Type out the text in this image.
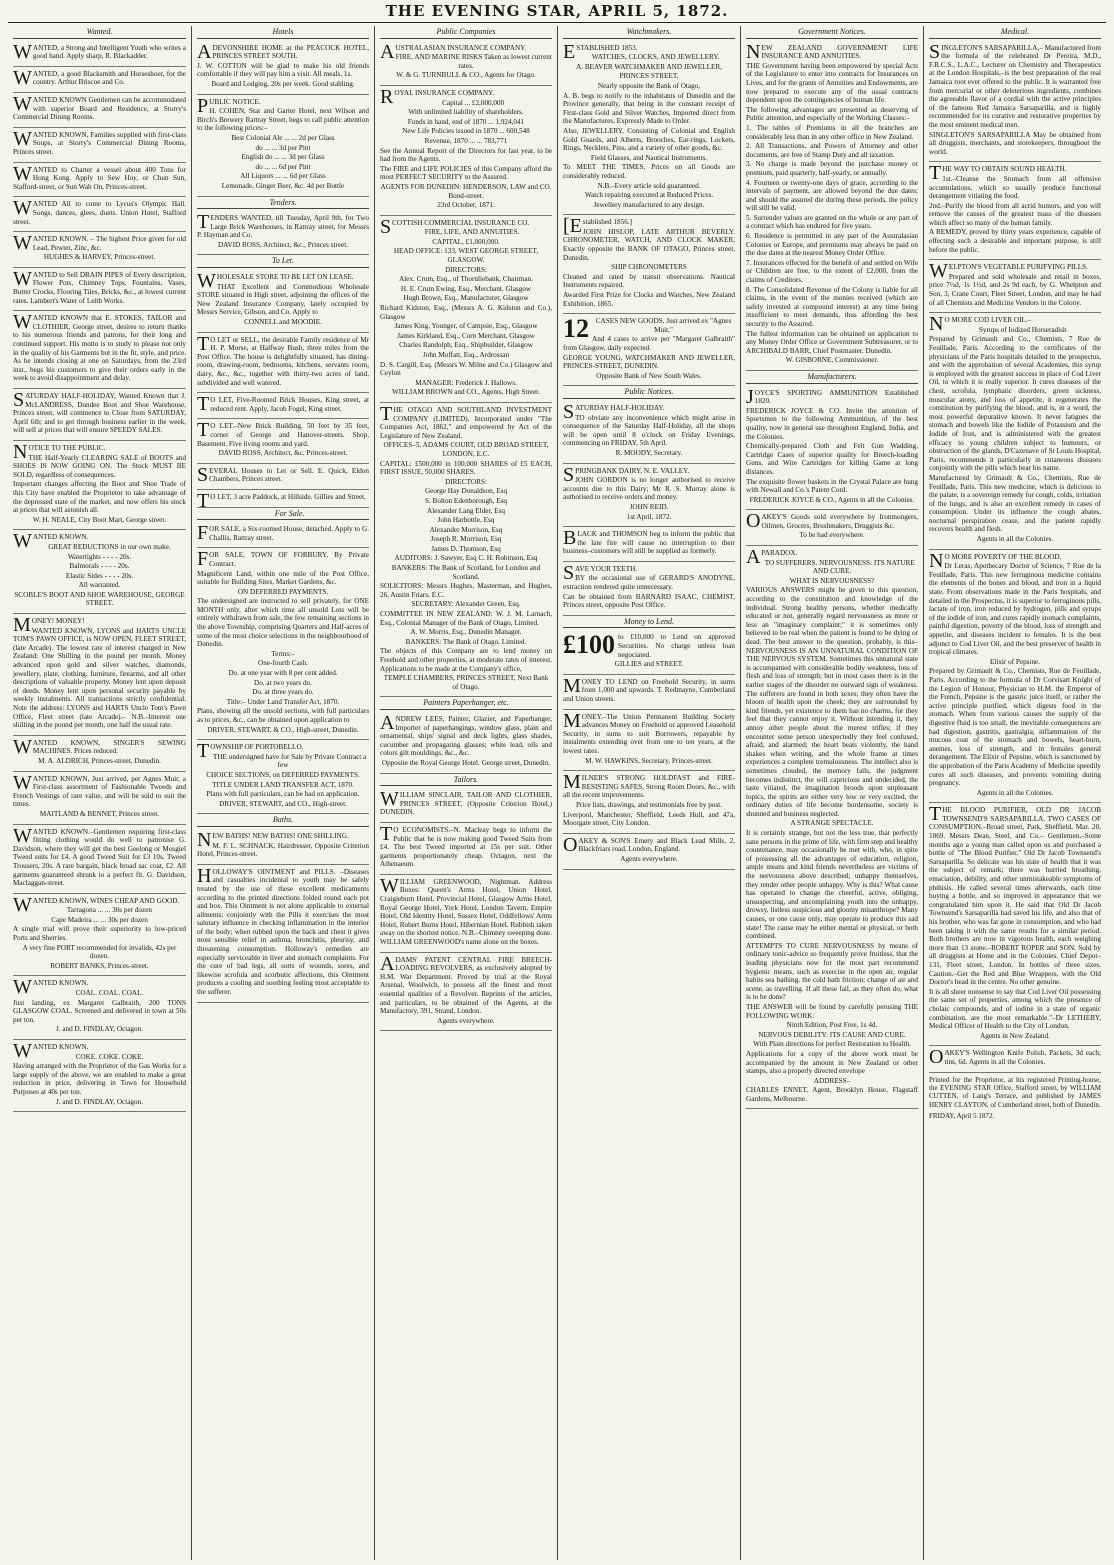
THE EVENING STAR, APRIL 5, 1872.
Wanted.

WANTED, a Strong and Intelligent Youth who writes a good hand. Apply sharp, R. Blackadder.

WANTED, a good Blacksmith and Horseshoer, for the country. Arthur Briscoe and Co.

WANTED KNOWN Gentlemen can be accommodated with superior Board and Residence, at Storry's Commercial Dining Rooms.

WANTED KNOWN, Families supplied with first-class Soups, at Storry's Commercial Dining Rooms, Princes street.

WANTED to Charter a vessel about 400 Tons for Hong Kong. Apply to Sew Hoy, or Chun Sun, Stafford-street, or Sun Wah On, Princes-street.

WANTED All to come to Lycus's Olympic Hall. Songs, dances, glees, duets. Union Hotel, Stafford street.

WANTED KNOWN. – The highest Price given for old Lead, Pewter, Zinc, &c.

HUGHES & HARVEY, Princes-street.

WANTED to Sell DRAIN PIPES of Every description, Flower Pots, Chimney Tops, Fountains, Vases, Butter Crocks, Flooring Tiles, Bricks, &c., at lowest current rates. Lambert's Water of Leith Works.

WANTED KNOWN that E. STOKES, TAILOR and CLOTHIER, George street, desires to return thanks to his numerous friends and patrons, for their long and continued support. His motto is to study to please not only in the quality of his Garments but in the fit, style, and price. As he intends closing at one on Saturdays, from the 23rd inst., begs his customers to give their orders early in the week to avoid disappointment and delay.

SATURDAY HALF-HOLIDAY, Wanted Known that J. McLANDRESS, Dundee Boot and Shoe Warehouse, Princes street, will commence to Close from SATURDAY, April 6th; and to get through business earlier in the week, will sell at prices that will ensure SPEEDY SALES.

NOTICE TO THE PUBLIC.

THE Half-Yearly CLEARING SALE of BOOTS and SHOES IS NOW GOING ON. The Stock MUST BE SOLD, regardless of consequences.

Important changes affecting the Boot and Shoe Trade of this City have enabled the Proprietor to take advantage of the depressed state of the market, and now offers his stock at prices that will astonish all.

W. H. NEALE, City Boot Mart, George street.

WANTED KNOWN.

GREAT REDUCTIONS in our own make.

Watertights - - - - 20s.

Balmorals - - - - 20s.

Elastic Sides - - - - 20s.

All warranted.

SCOBLE'S BOOT AND SHOE WAREHOUSE, GEORGE STREET.

MONEY! MONEY!

WANTED KNOWN, LYONS and HARTS UNCLE TOM'S PAWN OFFICE, is NOW OPEN, FLEET STREET, (late Arcade). The lowest rate of interest charged in New Zealand: One Shilling in the pound per month. Money advanced upon gold and silver watches, diamonds, jewellery, plate, clothing, furniture, firearms, and all other descriptions of valuable property. Money lent upon deposit of deeds. Money lent upon personal security payable by weekly instalments. All transactions strictly confidential. Note the address: LYONS and HARTS Uncle Tom's Pawn Office, Fleet street (late Arcade).– N.B.–Interest one shilling in the pound per month, one half the usual rate.

WANTED KNOWN, SINGER'S SEWING MACHINES. Prices reduced.

M. A. ALDRICH, Princes-street, Dunedin.

WANTED KNOWN, Just arrived, per Agnes Muir, a First-class assortment of Fashionable Tweeds and French Vestings of rare value, and will be sold to suit the times.

MAITLAND & BENNET, Princes street.

WANTED KNOWN.–Gentlemen requiring first-class fitting clothing would do well to patronise G. Davidson, where they will get the best Geelong or Mosgiel Tweed suits for £4. A good Tweed Suit for £3 10s. Tweed Trousers, 20s. A rare bargain, black broad sac coat, £2. All garments guaranteed shrunk to a perfect fit. G. Davidson, Maclaggan-street.

WANTED KNOWN, WINES CHEAP AND GOOD.

Tarragona ... ... 30s per dozen

Cape Madeira ... ... 30s per dozen

A single trial will prove their superiority to low-priced Ports and Sherries.

A very fine PORT recommended for invalids, 42s per dozen.

ROBERT BANKS, Princes-street.

WANTED KNOWN.

COAL. COAL. COAL.

Just landing, ex Margaret Galbraith, 200 TONS GLASGOW COAL. Screened and delivered in town at 50s per ton.

J. and D. FINDLAY, Octagon.

WANTED KNOWN.

COKE. COKE. COKE.

Having arranged with the Proprietor of the Gas Works for a large supply of the above, we are enabled to make a great reduction in price, delivering in Town for Household Purposes at 40s per ton.

J. and D. FINDLAY, Octagon.

Hotels

ADEVONSHIRE HOME at the PEACOCK HOTEL, PRINCES STREET SOUTH.

J. W. COTTON will be glad to make his old friends comfortable if they will pay him a visit. All meals, 1s.

Board and Lodging, 20s per week. Good stabling.

PUBLIC NOTICE.

H. COHEN, Star and Garter Hotel, next Wilson and Birch's Brewery Rattray Street, begs to call public attention to the following prices:–

Best Colonial Ale ... ... 2d per Glass

do ... ... 3d per Pint

English do ... ... 3d per Glass

do ... ... 6d per Pint

All Liquors ... ... 6d per Glass

Lemonade, Ginger Beer, &c. 4d per Bottle

Tenders.

TENDERS WANTED, till Tuesday, April 9th, for Two Large Brick Warehouses, in Rattray street, for Messrs P. Hayman and Co.

DAVID ROSS, Architect, &c., Princes street.

To Let.

WHOLESALE STORE TO BE LET ON LEASE.

THAT Excellent and Commodious Wholesale STORE situated in High street, adjoining the offices of the New Zealand Insurance Company, lately occupied by Messrs Service, Gibson, and Co. Apply to

CONNELL and MOODIE.

TO LET or SELL, the desirable Family residence of Mr H. P. Morse, at Halfway Bush, three miles from the Post Office. The house is delightfully situated, has dining-room, drawing-room, bedrooms, kitchens, servants room, dairy, &c., &c., together with thirty-two acres of land, subdivided and well watered.

TO LET, Five-Roomed Brick Houses, King street, at reduced rent. Apply, Jacob Fogel, King street.

TO LET.–New Brick Building, 50 feet by 35 feet, corner of George and Hanover-streets. Shop, Basement. Five living rooms and yard.

DAVID ROSS, Architect, &c. Princes-street.

SEVERAL Houses to Let or Sell. E. Quick, Eldon Chambers, Princes street.

TO LET, 3 acre Paddock, at Hillside. Gillies and Street.

For Sale.

FOR SALE, a Six-roomed House, detached. Apply to G. Challis, Rattray street.

FOR SALE, TOWN OF FORBURY, By Private Contract.

Magnificent Land, within one mile of the Post Office, suitable for Building Sites, Market Gardens, &c.

ON DEFERRED PAYMENTS.

The undersigned are instructed to sell privately, for ONE MONTH only, after which time all unsold Lots will be entirely withdrawn from sale, the few remaining sections in the above Township, comprising Quarters and Half-acres of some of the most choice selections in the neighbourhood of Dunedin.

Terms:–

One-fourth Cash.

Do. at one year with 8 per cent added.

Do. at two years do.

Do. at three years do.

Title:– Under Land Transfer Act, 1870.

Plans, showing all the unsold sections, with full particulars as to prices, &c., can be obtained upon application to

DRIVER, STEWART, & CO., High-street, Dunedin.

TOWNSHIP OF PORTOBELLO.

THE undersigned have for Sale by Private Contract a few

CHOICE SECTIONS, on DEFERRED PAYMENTS.

TITLE UNDER LAND TRANSFER ACT, 1870.

Plans with full particulars, can be had on application.

DRIVER, STEWART, and CO., High-street.

Baths.

NEW BATHS! NEW BATHS! ONE SHILLING.

M. F. L. SCHNACK, Hairdresser, Opposite Criterion Hotel, Princes-street.

HOLLOWAY'S OINTMENT and PILLS. –Diseases and casualties incidental to youth may be safely treated by the use of these excellent medicaments according to the printed directions folded round each pot and box. This Ointment is not alone applicable to external ailments; conjointly with the Pills it exercises the most salutary influence in checking inflammation in the interior of the body; when rubbed upon the back and chest it gives most sensible relief in asthma, bronchitis, pleurisy, and threatening consumption. Holloway's remedies are especially serviceable in liver and stomach complaints. For the cure of bad legs, all sorts of wounds, sores, and likewise scrofula and scorbutic affections, this Ointment produces a cooling and soothing feeling most acceptable to the sufferer.

Public Companies

AUSTRALASIAN INSURANCE COMPANY.

FIRE, AND MARINE RISKS Taken as lowest current rates.

W. & G. TURNBULL & CO., Agents for Otago.

ROYAL INSURANCE COMPANY.

Capital ... £2,000,000

With unlimited liability of shareholders.

Funds in hand, end of 1870 ... 1,924,041

New Life Policies issued in 1870 ... 600,548

Revenue, 1870 ... ... 783,771

See the Annual Report of the Directors for last year, to be had from the Agents.

The FIRE and LIFE POLICIES of this Company afford the most PERFECT SECURITY to the Assured.

AGENTS FOR DUNEDIN: HENDERSON, LAW and CO. Bond-street.

23rd October, 1871.

SCOTTISH COMMERCIAL INSURANCE CO.

FIRE, LIFE, AND ANNUITIES.

CAPITAL, £1,000,000.

HEAD OFFICE: 133, WEST GEORGE STREET, GLASGOW.

DIRECTORS:

Alex. Crum, Esq., of Thornliebank, Chairman.

H. E. Crum Ewing, Esq., Merchant, Glasgow

Hugh Brown, Esq., Manufacturer, Glasgow

Richard Kidston, Esq., (Messrs A. G. Kidston and Co.), Glasgow

James King, Younger, of Campsie, Esq., Glasgow

James Kirkland, Esq., Corn Merchant, Glasgow

Charles Randolph, Esq., Shipbuilder, Glasgow

John Moffatt, Esq., Ardrossan

D. S. Cargill, Esq. (Messrs W. Milne and Co.) Glasgow and Ceylon

MANAGER: Frederick J. Hallows.

WILLIAM BROWN and CO., Agents, High Street.

THE OTAGO AND SOUTHLAND INVESTMENT COMPANY (LIMITED). Incorporated under "The Companies Act, 1862," and empowered by Act of the Legislature of New Zealand.

OFFICES–5, ADAMS COURT, OLD BROAD STREET, LONDON, E.C.

CAPITAL: £500,000 in 100,000 SHARES of £5 EACH, FIRST ISSUE, 50,000 SHARES.

DIRECTORS:

George Hay Donaldson, Esq

S. Bolton Edenborough, Esq

Alexander Lang Elder, Esq

John Harbottle, Esq

Alexander Morrison, Esq

Joseph R. Morrison, Esq

James D. Thomson, Esq

AUDITORS: J. Sawyer, Esq C. H. Robinson, Esq

BANKERS: The Bank of Scotland, for London and Scotland.

SOLICITORS: Messrs Hughes, Masterman, and Hughes, 26, Austin Friars, E.C.

SECRETARY: Alexander Green, Esq.

COMMITTEE IN NEW ZEALAND: W. J. M. Larnach, Esq., Colonial Manager of the Bank of Otago, Limited.

A. W. Morris, Esq., Dunedin Manager.

BANKERS: The Bank of Otago, Limited.

The objects of this Company are to lend money on Freehold and other properties, at moderate rates of interest. Applications to be made at the Company's office,

TEMPLE CHAMBERS, PRINCES STREET, Next Bank of Otago.

Painters Paperhanger, etc.

ANDREW LEES, Painter, Glazier, and Paperhanger, Importer of paperhangings, window glass, plain and ornamental, ships' signal and deck lights, glass shades, cucumber and propagating glasses; white lead, oils and colors gilt mouldings, &c., &c.

Opposite the Royal George Hotel. George street, Dunedin.

Tailors.

WILLIAM SINCLAIR, TAILOR AND CLOTHIER, PRINCES STREET, (Opposite Criterion Hotel,) DUNEDIN.

TO ECONOMISTS.–N. Macleay begs to inform the Public that he is now making good Tweed Suits from £4. The best Tweed imported at 15s per suit. Other garments proportionately cheap. Octagon, next the Athenaeum.

WILLIAM GREENWOOD, Nightman. Address Boxes: Queen's Arms Hotel, Union Hotel, Craigieburn Hotel, Provincial Hotel, Glasgow Arms Hotel, Royal George Hotel, York Hotel, London Tavern, Empire Hotel, Old Identity Hotel, Sussex Hotel, Oddfellows' Arms Hotel, Robert Burns Hotel, Hibernian Hotel. Rubbish taken away on the shortest notice. N.B.–Chimney sweeping done. WILLIAM GREENWOOD's name alone on the boxes.

ADAMS' PATENT CENTRAL FIRE BREECH-LOADING REVOLVERS, as exclusively adopted by H.M. War Department. Proved by trial at the Royal Arsenal, Woolwich, to possess all the finest and most essential qualities of a Revolver. Reprints of the articles, and particulars, to be obtained of the Agents, at the Manufactory, 391, Strand, London.

Agents everywhere.

Watchmakers.

ESTABLISHED 1853.

WATCHES, CLOCKS, AND JEWELLERY.

A. BEAVER WATCHMAKER AND JEWELLER,

PRINCES STREET,

Nearly opposite the Bank of Otago,

A. B. begs to notify to the inhabitants of Dunedin and the Province generally, that being in the constant receipt of First-class Gold and Silver Watches, Imported direct from the Manufactures, Expressly Made to Order.

Also, JEWELLERY, Consisting of Colonial and English Gold Guards, and Alberts, Brooches, Ear-rings, Lockets, Rings, Necklets, Pins, and a variety of other goods, &c.

Field Glasses, and Nautical Instruments.

To MEET THE TIMES, Prices on all Goods are considerably reduced.

N.B.–Every article sold guaranteed.

Watch repairing executed at Reduced Prices.

Jewellery manufactured to any design.

[Established 1856.]

JOHN HISLOP, LATE ARTHUR BEVERLY. CHRONOMETER, WATCH, AND CLOCK MAKER, Exactly opposite the BANK OF OTAGO, Princes street, Dunedin.

SHIP CHRONOMETERS

Cleaned and rated by transit observations. Nautical Instruments repaired.

Awarded First Prize for Clocks and Watches, New Zealand Exhibition, 1865.

12 CASES NEW GOODS, Just arrived ex "Agnes Muir,"

And 4 cases to arrive per "Margaret Galbraith" from Glasgow, daily expected.

GEORGE YOUNG, WATCHMAKER AND JEWELLER, PRINCES-STREET, DUNEDIN.

Opposite Bank of New South Wales.

Public Notices.

SATURDAY HALF-HOLIDAY.

TO obviate any inconvenience which might arise in consequence of the Saturday Half-Holiday, all the shops will be open until 8 o'clock on Friday Evenings, commencing on FRIDAY, 5th April.

R. MOODY, Secretary.

SPRINGBANK DAIRY, N. E. VALLEY.

JOHN GORDON is no longer authorised to receive accounts due to this Dairy; Mr R. S. Murray alone is authorised to receive orders and money.

JOHN REID.

1st April, 1872.

BLACK and THOMSON beg to inform the public that the late fire will cause no interruption to their business–customers will still be supplied as formerly.

SAVE YOUR TEETH.

BY the occasional use of GERARD'S ANODYNE, extraction rendered quite unnecessary.

Can be obtained from BARNARD ISAAC, CHEMIST, Princes street, opposite Post Office.

Money to Lend.
£100 to £10,000 to Lend on approved Securities. No charge unless loan negociated.

GILLIES and STREET.

MONEY TO LEND on Freehold Security, in sums from 1,000 and upwards. T. Redmayne, Cumberland and Union streets.

MONEY.–The Union Permanent Building Society advances Money on Freehold or approved Leasehold Security, in sums to suit Borrowers, repayable by instalments extending over from one to ten years, at the lowest rates.

M. W. HAWKINS, Secretary, Princes-street.

MILNER'S STRONG HOLDFAST and FIRE-RESISTING SAFES, Strong Room Doors, &c., with all the recent improvements.

Price lists, drawings, and testimonials free by post.

Liverpool, Manchester, Sheffield, Leeds Hull, and 47a, Moorgate street, City London.

OAKEY & SON'S Emery and Black Lead Mills, 2, Blackfriars road, London, England.

Agents everywhere.

Government Notices.

NEW ZEALAND GOVERNMENT LIFE INSURANCE AND ANNUITIES.

THE Government having been empowered by special Acts of the Legislature to enter into contracts for Insurances on Lives, and for the grants of Annuities and Endowments, are now prepared to execute any of the usual contracts dependent upon the contingencies of human life.

The following advantages are presented as deserving of Public attention, and especially of the Working Classes:–

1. The tables of Premiums in all the branches are considerably less than in any other office in New Zealand.

2. All Transactions, and Powers of Attorney and other documents, are free of Stamp Duty and all taxation.

3. No charge is made beyond the purchase money or premium, paid quarterly, half-yearly, or annually.

4. Fourteen or twenty-one days of grace, according to the intervals of payment, are allowed beyond the due dates; and should the assured die during these periods, the policy will still be valid.

5. Surrender values are granted on the whole or any part of a contract which has endured for five years.

6. Residence is permitted in any part of the Australasian Colonies or Europe, and premiums may always be paid on the due dates at the nearest Money Order Office.

7. Insurances effected for the benefit of and settled on Wife or Children are free, to the extent of £2,000, from the claims of Creditors.

8. The Consolidated Revenue of the Colony is liable for all claims, in the event of the monies received (which are safely invested at compound interest) at any time being insufficient to meet demands, thus affording the best security to the Assured.

The fullest information can be obtained on application to any Money Order Office or Government Subtreasurer, or to ARCHIBALD BARR, Chief Postmaster, Dunedin.

W. GISBORNE, Commissioner.

Manufacturers.

JOYCE'S SPORTING AMMUNITION Established 1820.

FREDERICK JOYCE & CO. Invite the attention of Sportsmen to the following Ammunition, of the best quality, now in general use throughout England, India, and the Colonies.

Chemically-prepared Cloth and Felt Gun Wadding, Cartridge Cases of superior quality for Breech-loading Guns, and Wire Cartridges for killing Game at long distances.

The exquisite flower baskets in the Crystal Palace are hung with Newall and Co.'s Patent Cord.

FREDERICK JOYCE & CO., Agents in all the Colonies.

OAKEY'S Goods sold everywhere by Ironmongers, Oilmen, Grocers, Brushmakers, Druggists &c.

To be had everywhere.

APARADOX.

TO SUFFERERS. NERVOUSNESS: ITS NATURE AND CURE.

WHAT IS NERVOUSNESS?

VARIOUS ANSWERS might be given to this question, according to the constitution and knowledge of the individual. Strong healthy persons, whether medically educated or not, generally regard nervousness as more or less an "imaginary complaint;" it is sometimes only believed to be real when the patient is found to be dying or dead. The best answer to the question, probably, is this–NERVOUSNESS IS AN UNNATURAL CONDITION OF THE NERVOUS SYSTEM. Sometimes this unnatural state is accompanied with considerable bodily weakness, loss of flesh and loss of strength; but in most cases there is in the earlier stages of the disorder no outward sign of weakness. The sufferers are found in both sexes; they often have the bloom of health upon the cheek; they are surrounded by kind friends, yet existence to them has no charms, for they feel that they cannot enjoy it. Without intending it, they annoy other people about the merest trifles; if they encounter some person unexpectedly they feel confused, afraid, and alarmed; the heart beats violently, the hand shakes when writing, and the whole frame at times experiences a complete tremulousness. The intellect also is sometimes clouded, the memory fails, the judgment becomes indistinct, the will capricious and undecided, the taste vitiated, the imagination broods upon unpleasant topics, the spirits are either very low or very excited, the ordinary duties of life become burdensome, society is shunned and business neglected.

A STRANGE SPECTACLE.

It is certainly strange, but not the less true, that perfectly sane persons in the prime of life, with firm step and healthy countenance, may occasionally be met with, who, in spite of possessing all the advantages of education, religion, ample means and kind friends nevertheless are victims of the nervousness above described; unhappy themselves, they render other people unhappy. Why is this? What cause has operated to change the cheerful, active, obliging, unsuspecting, and uncomplaining youth into the unhappy, drowsy, listless suspicious and gloomy misanthrope? Many causes, or one cause only, may operate to produce this sad state! The cause may be either mental or physical, or both combined.

ATTEMPTS TO CURE NERVOUSNESS by means of ordinary tonic-advice so frequently prove fruitless, that the leading physicians now for the most part recommend hygienic means, such as exercise in the open air, regular habits sea bathing, the cold bath friction; change of air and scene, as travelling. If all these fail, as they often do, what is to be done?

THE ANSWER will be found by carefully perusing THE FOLLOWING WORK:

Ninth Edition, Post Free, 1s 4d.

NERVOUS DEBILITY: ITS CAUSE AND CURE.

With Plain directions for perfect Restoration to Health.

Applications for a copy of the above work must be accompanied by the amount in New Zealand or other stamps, also a properly directed envelope

ADDRESS–

CHARLES ENNET, Agent, Brooklyn House, Flagstaff Gardens, Melbourne.

Medical.

SINGLETON'S SARSAPARILLA,– Manufactured from the formula of the celebrated Dr Pereira, M.D., F.R.C.S., L.A.C., Lecturer on Chemistry and Therapeutics at the London Hospitals,–is the best preparation of the real Jamaica root ever offered to the public. It is warranted free from mercurial or other deleterious ingredients, combines the agreeable flavor of a cordial with the active principles of the famous Red Jamaica Sarsaparilla, and is highly recommended for its curative and restorative properties by the most eminent medical men.

SINGLETON'S SARSAPARILLA May be obtained from all druggists, merchants, and storekeepers, throughout the world.

THE WAY TO OBTAIN SOUND HEALTH.

1st.–Cleanse the Stomach from all offensive accumulations, which so usually produce functional derangement vitiating the food.

2nd.–Purify the blood from all acrid humors, and you will remove the causes of the greatest mass of the diseases which affect so many of the human family.

A REMEDY, proved by thirty years experience, capable of effecting such a desirable and important purpose, is still before the public.

WELPTON'S VEGETABLE PURIFYING PILLS.

Prepared and sold wholesale and retail in boxes, price 7½d, 1s 1½d, and 2s 9d each, by G. Whelpton and Son, 3, Crane Court, Fleet Street, London, and may be had of all Chemists and Medicine Vendors in the Colony.

NO MORE COD LIVER OIL.–

Syrups of Iodized Horseradish

Prepared by Grimault and Co., Chemists, 7 Rue de Feuillade, Paris. According to the certificates of the physicians of the Paris hospitals detailed in the prospectus, and with the approbation of several Academies, this syrup is employed with the greatest success in place of Cod Liver Oil, to which it is really superior. It cures diseases of the chest, scrofula, lymphatic disorders, green sickness, muscular atony, and loss of appetite, it regenerates the constitution by purifying the blood, and is, in a word, the most powerful depurative known. It never fatigues the stomach and bowels like the Iodide of Potassium and the Iodide of Iron, and is administered with the greatest efficacy to young children subject to humours, or obstruction of the glands, D'Cazenave of St Louis Hospital, Paris, recommends it particularly in cutaneous diseases conjointly with the pills which bear his name.

Manufactured by Grimault & Co., Chemists, Rue de Feuillade, Paris. This new medicine, which is delicious to the palate, is a sovereign remedy for cough, colds, irritation of the lungs, and is also an excellent remedy in cases of consumption. Under its influence the cough abates, nocturnal perspiration cease, and the patient rapidly recovers health and flesh.

Agents in all the Colonies.

NO MORE POVERTY OF THE BLOOD.

Dr Leras, Apothecary Doctor of Science, 7 Rue de la Feuillade, Paris. This new ferruginous medicine contains the elements of the bones and blood, and iron in a liquid state. From observations made in the Paris hospitals, and detailed in the Prospectus, it is superior to ferruginous pills, lactate of iron, iron reduced by hydrogen, pills and syrups of the iodide of iron, and cures rapidly stomach complaints, painful digestion, poverty of the blood, loss of strength and appetite, and diseases incident to females. It is the best adjunct to Cod Liver Oil, and the best preserver of health in tropical climates.

Elixir of Pepsine.

Prepared by Grimault & Co., Chemists, Rue de Feuillade, Paris. According to the formula of Dr Corvisart Knight of the Legion of Honour, Physician to H.M. the Emperor of the French, Pepsine is the gastric juice itself, or rather the active principle purified, which digests food in the stomach. When from various causes the supply of the digestive fluid is too small, the inevitable consequences are bad digestion, gastritis, gastralgia; inflammation of the mucous coat of the stomach and bowels, heart-burn, anemes, loss of strength, and in females general derangement. The Elixir of Pepsine, which is sanctioned by the approbation of the Paris Academy of Medicine speedily cures all such diseases, and prevents vomiting during pregnancy.

Agents in all the Colonies.

THE BLOOD PURIFIER, OLD DR JACOB TOWNSEND'S SARSAPARILLA. TWO CASES OF CONSUMPTION.–Broad street, Park, Sheffield, Mar. 20, 1869. Messrs Dean, Steel, and Co.– Gentlemen,–Some months ago a young man called upon us and purchased a bottle of "The Blood Purifier," Old Dr Jacob Townsend's Sarsaparilla. So delicate was his state of health that it was the subject of remark; there was hurried breathing, emaciation, debility, and other unmistakeable symptoms of phthisis. He called several times afterwards, each time buying a bottle, and so improved in appearance that we congratulated him upon it. He said that Old Dr Jacob Townsend's Sarsaparilla had saved his life, and also that of his brother, who was far gone in consumption, and who had been taking it with the same results for a similar period. Both brothers are now in vigorous health, each weighing more than 13 stone.–ROBERT ROPER and SON. Sold by all druggists at Home and in the Colonies. Chief Depot–131, Fleet street, London. In bottles of three sizes. Caution.–Get the Red and Blue Wrappers, with the Old Doctor's head in the centre. No other genuine.

It is all sheer nonsense to say that Cod Liver Oil possessing the same set of properties, among which the presence of cholaic compounds, and of iodine in a state of organic combination, are the most remarkable."–Dr LETHEBY, Medical Officer of Health to the City of London.

Agents in New Zealand.

OAKEY'S Wellington Knife Polish, Packets, 3d each; tins, 6d. Agents in all the Colonies.

Printed for the Proprietor, at his registered Printing-house, the EVENING STAR Office, Stafford street, by WILLIAM CUTTEN, of Lang's Terrace, and published by JAMES HENRY CLAYTON, of Cumberland street, both of Dunedin.
FRIDAY, April 5 1872.
